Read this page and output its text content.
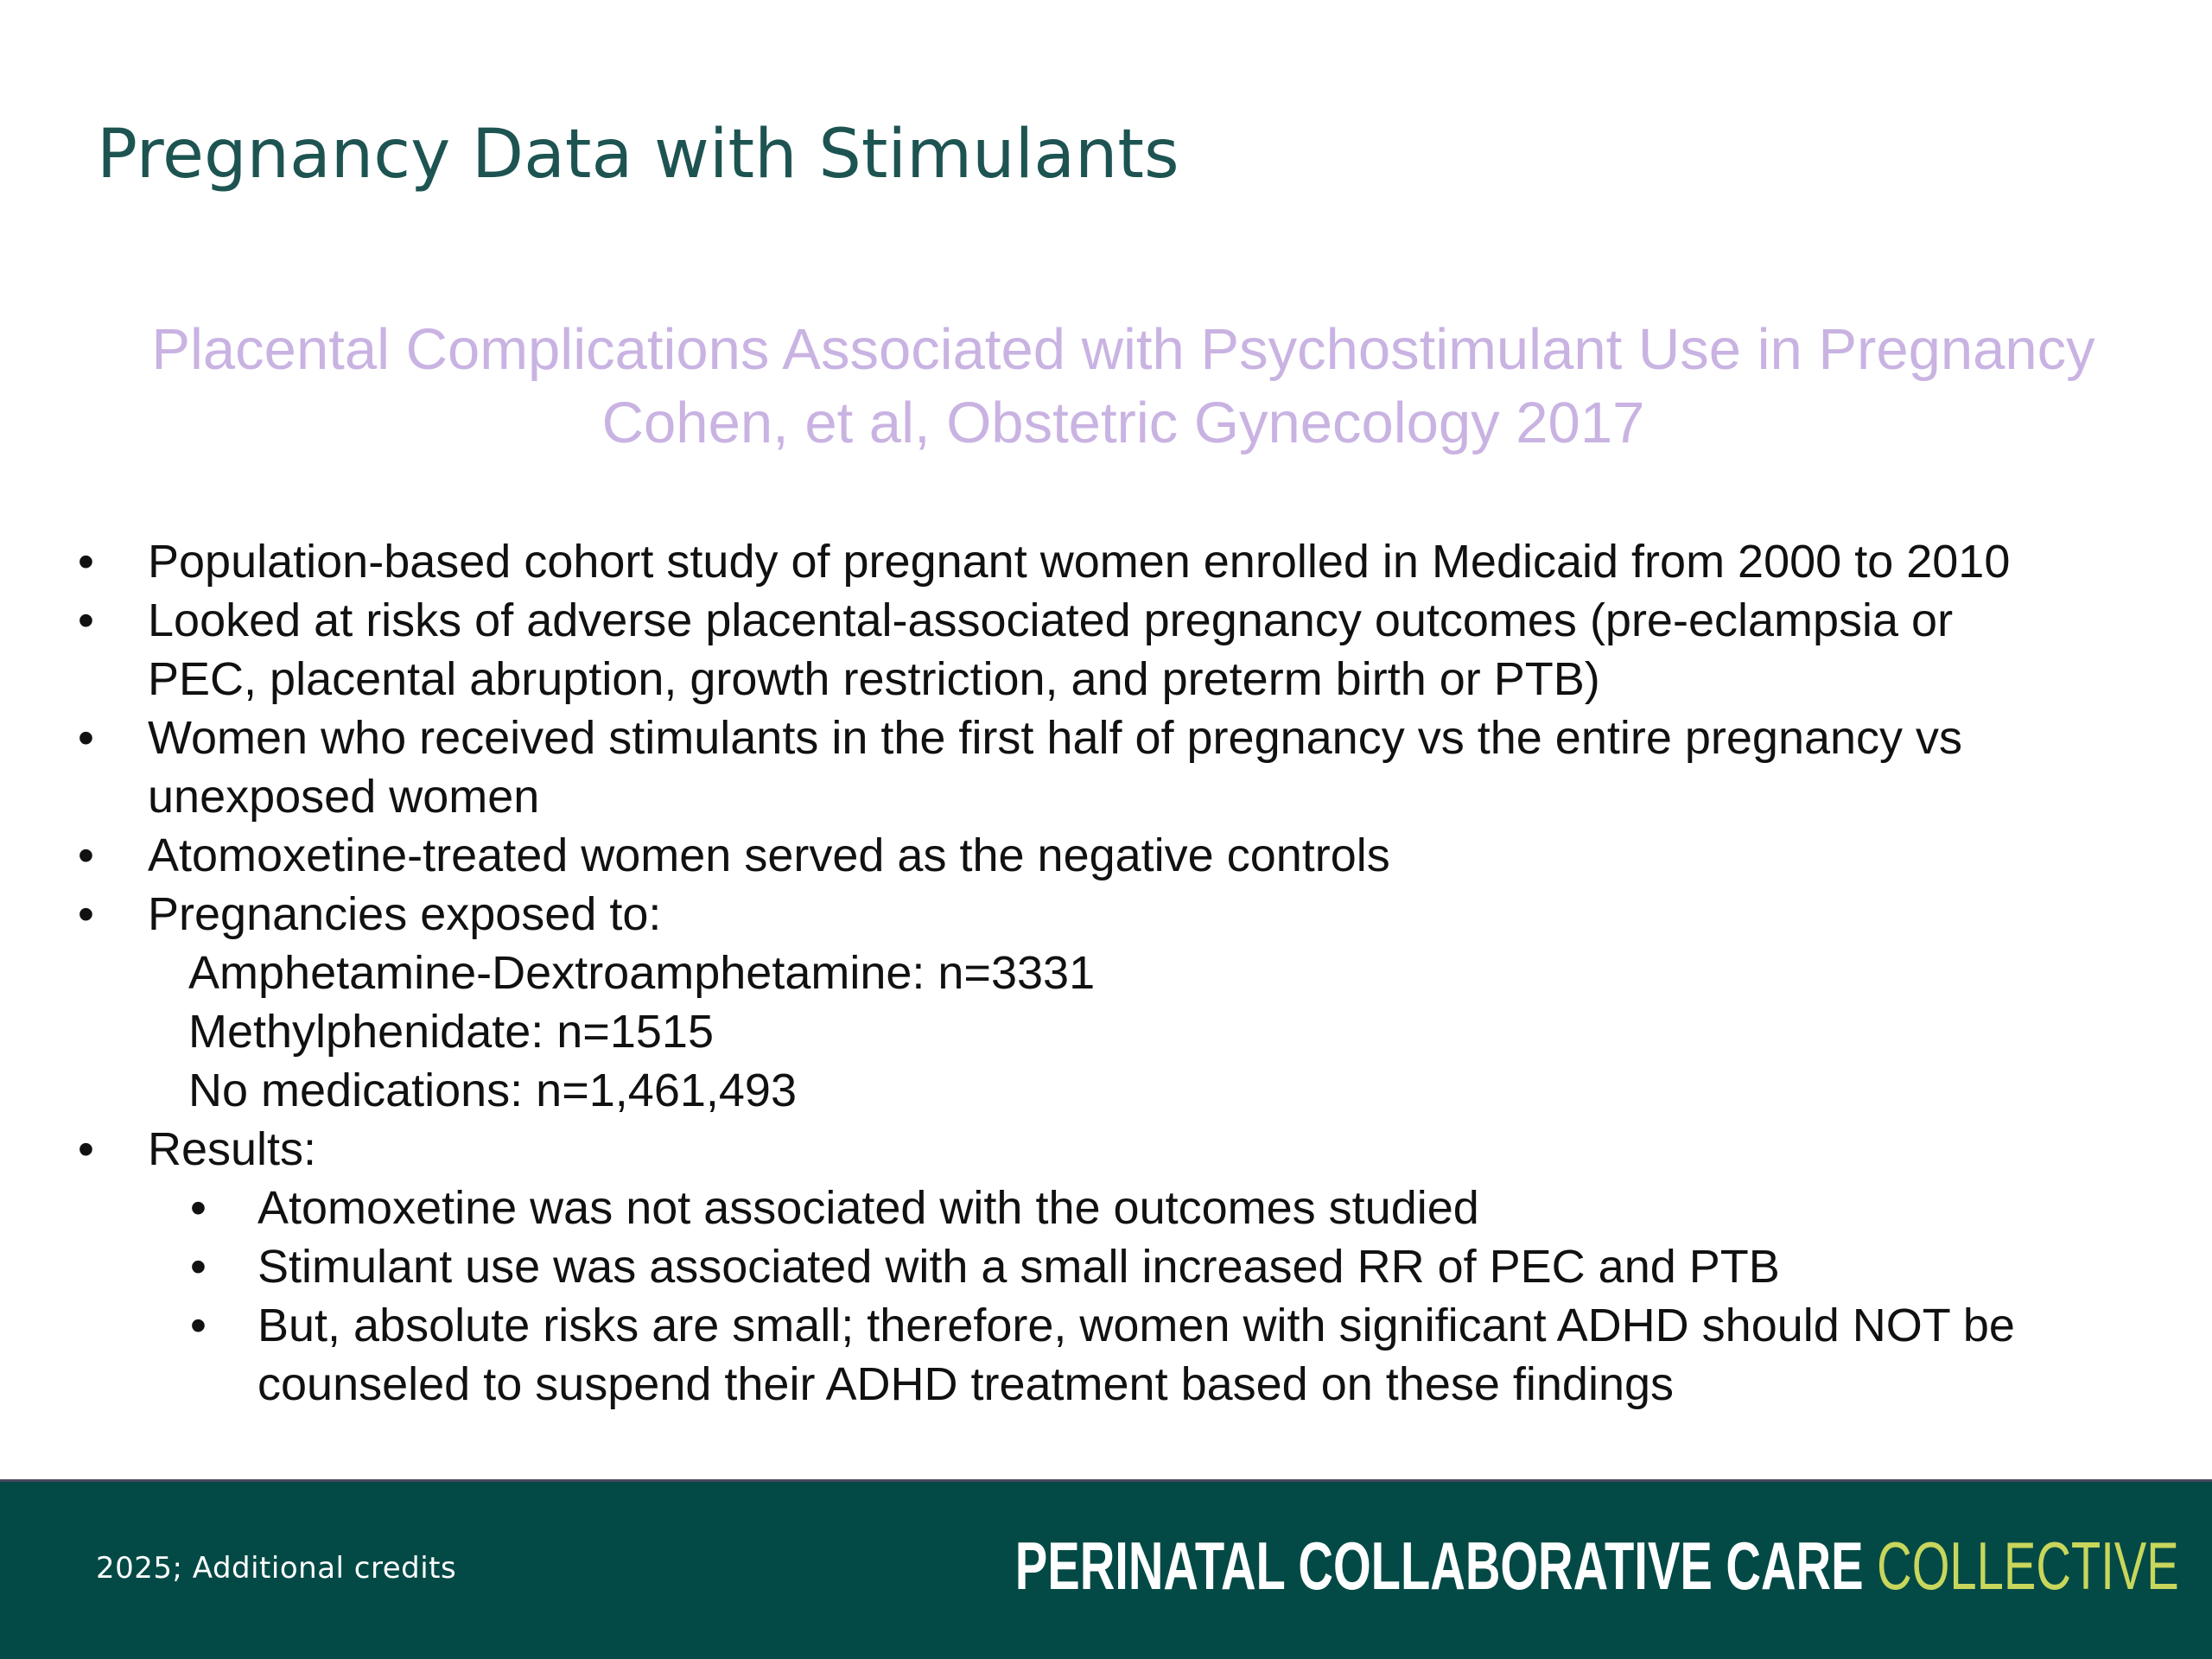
Pregnancy Data with Stimulants
Placental Complications Associated with Psychostimulant Use in Pregnancy
Cohen, et al, Obstetric Gynecology 2017
• Population-based cohort study of pregnant women enrolled in Medicaid from 2000 to 2010
• Looked at risks of adverse placental-associated pregnancy outcomes (pre-eclampsia or
PEC, placental abruption, growth restriction, and preterm birth or PTB)
• Women who received stimulants in the first half of pregnancy vs the entire pregnancy vs
unexposed women
• Atomoxetine-treated women served as the negative controls
• Pregnancies exposed to:
Amphetamine-Dextroamphetamine: n=3331
Methylphenidate: n=1515
No medications: n=1,461,493
• Results:
• Atomoxetine was not associated with the outcomes studied
• Stimulant use was associated with a small increased RR of PEC and PTB
• But, absolute risks are small; therefore, women with significant ADHD should NOT be
counseled to suspend their ADHD treatment based on these findings
2025; Additional credits	PERINATAL COLLABORATIVE CARE COLLECTIVE
